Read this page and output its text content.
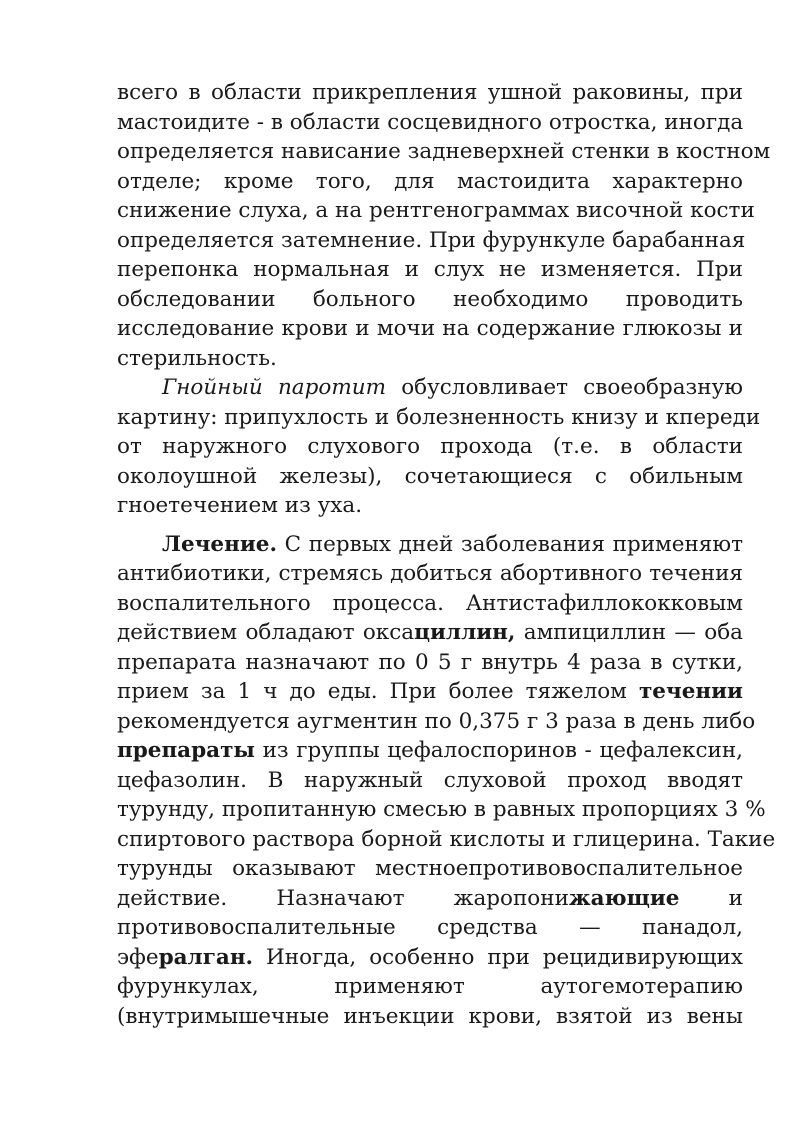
всего в области прикрепления ушной раковины, при
мастоидите - в области сосцевидного отростка, иногда
определяется нависание задневерхней стенки в костном
отделе; кроме того, для мастоидита характерно
снижение слуха, а на рентгенограммах височной кости
определяется затемнение. При фурункуле барабанная
перепонка нормальная и слух не изменяется. При
обследовании больного необходимо проводить
исследование крови и мочи на содержание глюкозы и
стерильность.
Гнойный паротит обусловливает своеобразную
картину: припухлость и болезненность книзу и кпереди
от наружного слухового прохода (т.е. в области
околоушной железы), сочетающиеся с обильным
гноетечением из уха.
Лечение. С первых дней заболевания применяют
антибиотики, стремясь добиться абортивного течения
воспалительного процесса. Антистафиллококковым
действием обладают оксациллин, ампициллин — оба
препарата назначают по 0 5 г внутрь 4 раза в сутки,
прием за 1 ч до еды. При более тяжелом течении
рекомендуется аугментин по 0,375 г 3 раза в день либо
препараты из группы цефалоспоринов - цефалексин,
цефазолин. В наружный слуховой проход вводят
турунду, пропитанную смесью в равных пропорциях 3 %
спиртового раствора борной кислоты и глицерина. Такие
турунды оказывают местноепротивовоспалительное
действие. Назначают жаропонижающие и
противовоспалительные средства — панадол,
эфералган. Иногда, особенно при рецидивирующих
фурункулах, применяют аутогемотерапию
(внутримышечные инъекции крови, взятой из вены
